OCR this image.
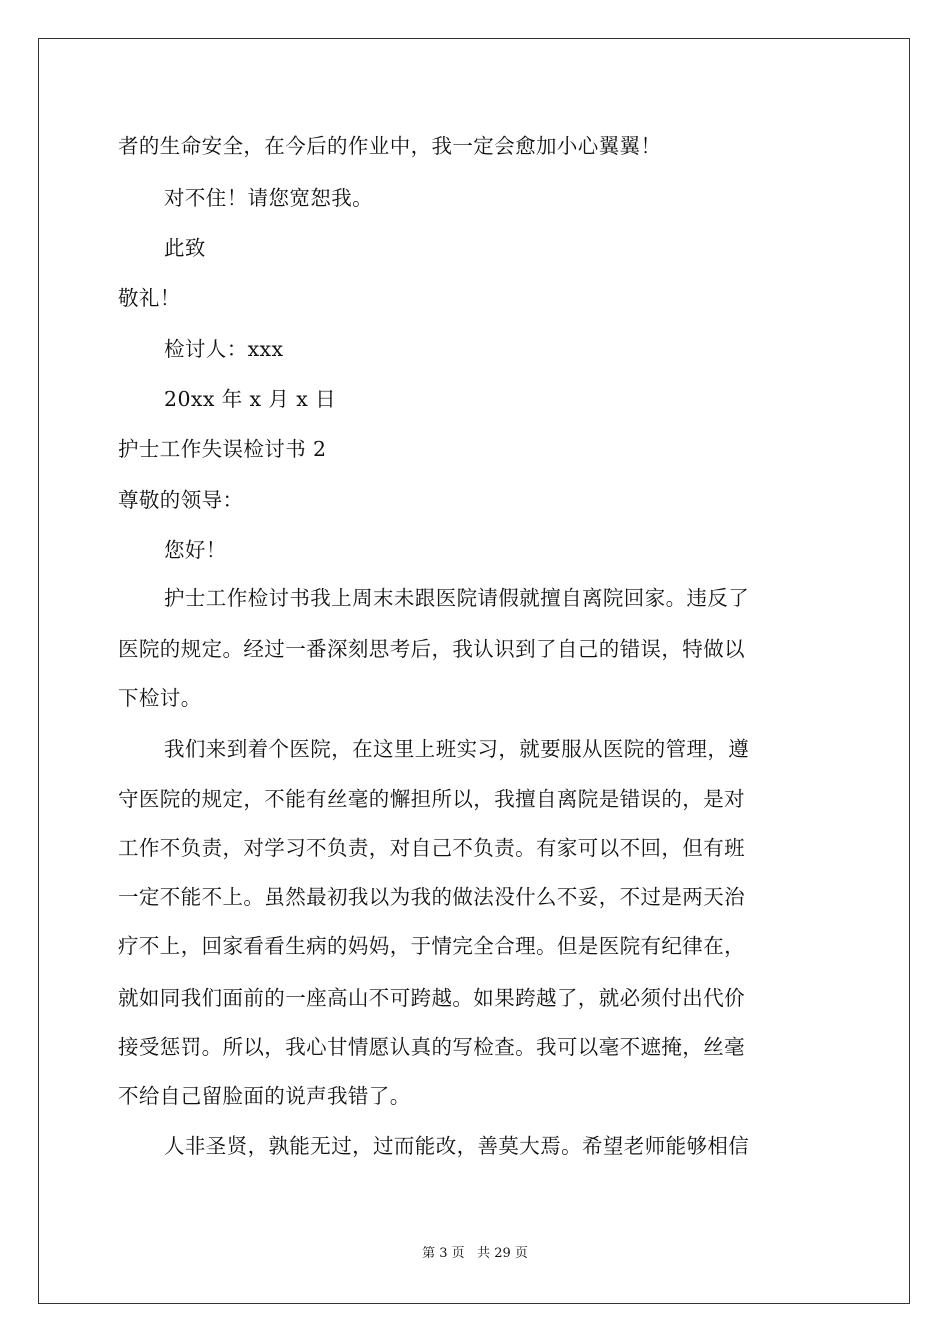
者的生命安全，在今后的作业中，我一定会愈加小心翼翼！
对不住！请您宽恕我。
此致
敬礼！
检讨人：xxx
20xx 年 x 月 x 日
护士工作失误检讨书 2
尊敬的领导：
您好！
护士工作检讨书我上周末未跟医院请假就擅自离院回家。违反了
医院的规定。经过一番深刻思考后，我认识到了自己的错误，特做以
下检讨。
我们来到着个医院，在这里上班实习，就要服从医院的管理，遵
守医院的规定，不能有丝毫的懈担所以，我擅自离院是错误的，是对
工作不负责，对学习不负责，对自己不负责。有家可以不回，但有班
一定不能不上。虽然最初我以为我的做法没什么不妥，不过是两天治
疗不上，回家看看生病的妈妈，于情完全合理。但是医院有纪律在，
就如同我们面前的一座高山不可跨越。如果跨越了，就必须付出代价
接受惩罚。所以，我心甘情愿认真的写检查。我可以毫不遮掩，丝毫
不给自己留脸面的说声我错了。
人非圣贤，孰能无过，过而能改，善莫大焉。希望老师能够相信
第 3 页   共 29 页
